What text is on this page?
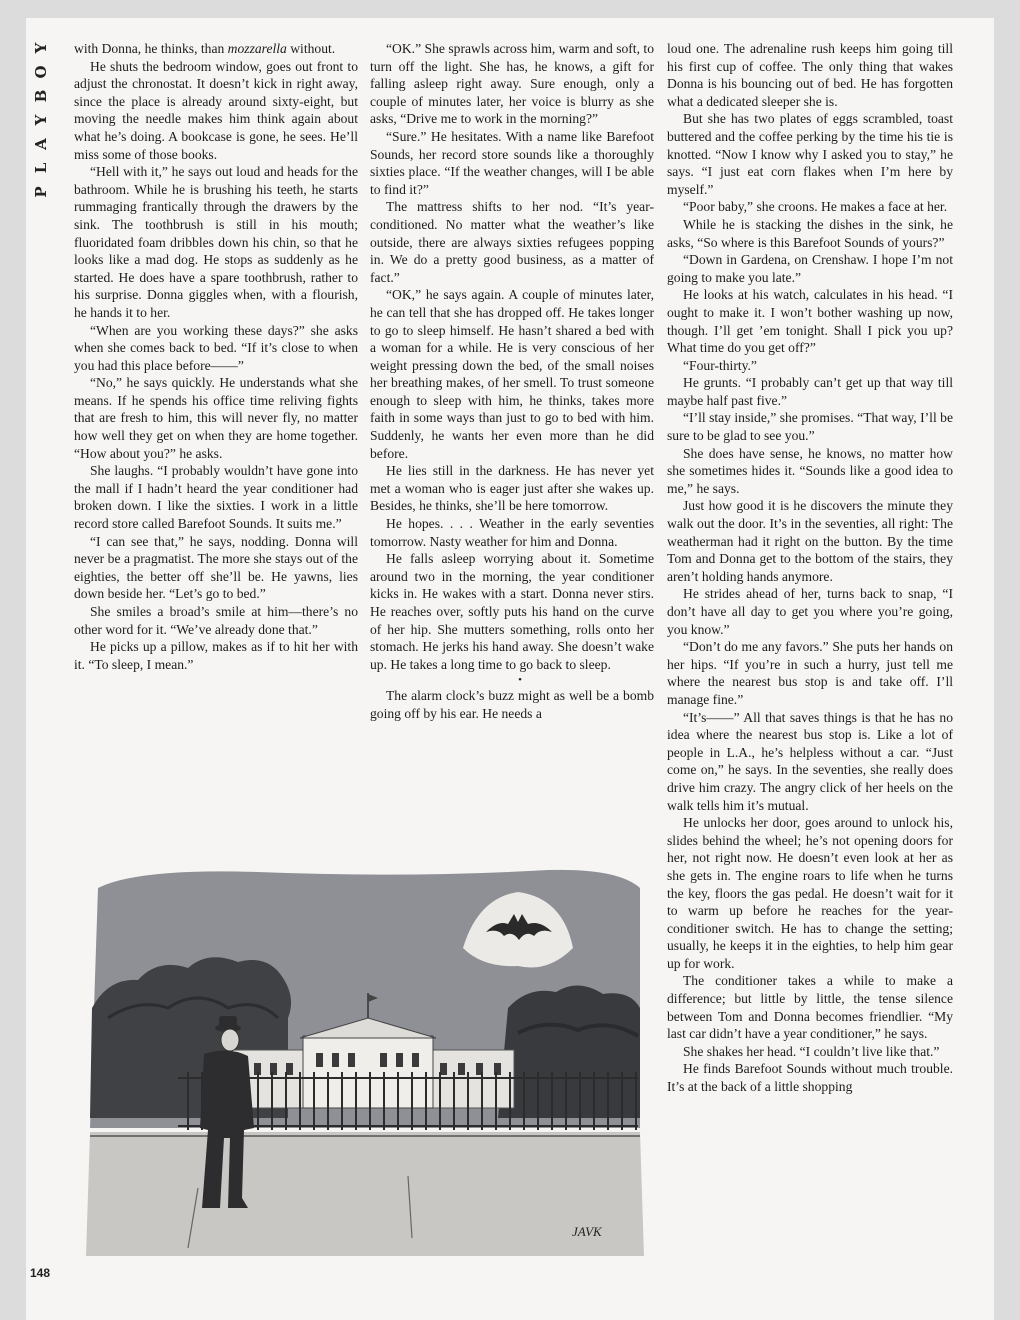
Y
O
B
Y
A
L
P

with Donna, he thinks, than mozzarella without.

He shuts the bedroom window, goes out front to adjust the chronostat. It doesn’t kick in right away, since the place is already around sixty-eight, but moving the needle makes him think again about what he’s doing. A bookcase is gone, he sees. He’ll miss some of those books.

“Hell with it,” he says out loud and heads for the bathroom. While he is brushing his teeth, he starts rummaging frantically through the drawers by the sink. The toothbrush is still in his mouth; fluoridated foam dribbles down his chin, so that he looks like a mad dog. He stops as suddenly as he started. He does have a spare toothbrush, rather to his surprise. Donna giggles when, with a flourish, he hands it to her.

“When are you working these days?” she asks when she comes back to bed. “If it’s close to when you had this place before——”

“No,” he says quickly. He understands what she means. If he spends his office time reliving fights that are fresh to him, this will never fly, no matter how well they get on when they are home together. “How about you?” he asks.

She laughs. “I probably wouldn’t have gone into the mall if I hadn’t heard the year conditioner had broken down. I like the sixties. I work in a little record store called Barefoot Sounds. It suits me.”

“I can see that,” he says, nodding. Donna will never be a pragmatist. The more she stays out of the eighties, the better off she’ll be. He yawns, lies down beside her. “Let’s go to bed.”

She smiles a broad’s smile at him—there’s no other word for it. “We’ve already done that.”

He picks up a pillow, makes as if to hit her with it. “To sleep, I mean.”

“OK.” She sprawls across him, warm and soft, to turn off the light. She has, he knows, a gift for falling asleep right away. Sure enough, only a couple of minutes later, her voice is blurry as she asks, “Drive me to work in the morning?”

“Sure.” He hesitates. With a name like Barefoot Sounds, her record store sounds like a thoroughly sixties place. “If the weather changes, will I be able to find it?”

The mattress shifts to her nod. “It’s year-conditioned. No matter what the weather’s like outside, there are always sixties refugees popping in. We do a pretty good business, as a matter of fact.”

“OK,” he says again. A couple of minutes later, he can tell that she has dropped off. He takes longer to go to sleep himself. He hasn’t shared a bed with a woman for a while. He is very conscious of her weight pressing down the bed, of the small noises her breathing makes, of her smell. To trust someone enough to sleep with him, he thinks, takes more faith in some ways than just to go to bed with him. Suddenly, he wants her even more than he did before.

He lies still in the darkness. He has never yet met a woman who is eager just after she wakes up. Besides, he thinks, she’ll be here tomorrow.

He hopes. . . . Weather in the early seventies tomorrow. Nasty weather for him and Donna.

He falls asleep worrying about it. Sometime around two in the morning, the year conditioner kicks in. He wakes with a start. Donna never stirs. He reaches over, softly puts his hand on the curve of her hip. She mutters something, rolls onto her stomach. He jerks his hand away. She doesn’t wake up. He takes a long time to go back to sleep.

•

The alarm clock’s buzz might as well be a bomb going off by his ear. He needs a

loud one. The adrenaline rush keeps him going till his first cup of coffee. The only thing that wakes Donna is his bouncing out of bed. He has forgotten what a dedicated sleeper she is.

But she has two plates of eggs scrambled, toast buttered and the coffee perking by the time his tie is knotted. “Now I know why I asked you to stay,” he says. “I just eat corn flakes when I’m here by myself.”

“Poor baby,” she croons. He makes a face at her.

While he is stacking the dishes in the sink, he asks, “So where is this Barefoot Sounds of yours?”

“Down in Gardena, on Crenshaw. I hope I’m not going to make you late.”

He looks at his watch, calculates in his head. “I ought to make it. I won’t bother washing up now, though. I’ll get ’em tonight. Shall I pick you up? What time do you get off?”

“Four-thirty.”

He grunts. “I probably can’t get up that way till maybe half past five.”

“I’ll stay inside,” she promises. “That way, I’ll be sure to be glad to see you.”

She does have sense, he knows, no matter how she sometimes hides it. “Sounds like a good idea to me,” he says.

Just how good it is he discovers the minute they walk out the door. It’s in the seventies, all right: The weatherman had it right on the button. By the time Tom and Donna get to the bottom of the stairs, they aren’t holding hands anymore.

He strides ahead of her, turns back to snap, “I don’t have all day to get you where you’re going, you know.”

“Don’t do me any favors.” She puts her hands on her hips. “If you’re in such a hurry, just tell me where the nearest bus stop is and take off. I’ll manage fine.”

“It’s——” All that saves things is that he has no idea where the nearest bus stop is. Like a lot of people in L.A., he’s helpless without a car. “Just come on,” he says. In the seventies, she really does drive him crazy. The angry click of her heels on the walk tells him it’s mutual.

He unlocks her door, goes around to unlock his, slides behind the wheel; he’s not opening doors for her, not right now. He doesn’t even look at her as she gets in. The engine roars to life when he turns the key, floors the gas pedal. He doesn’t wait for it to warm up before he reaches for the year-conditioner switch. He has to change the setting; usually, he keeps it in the eighties, to help him gear up for work.

The conditioner takes a while to make a difference; but little by little, the tense silence between Tom and Donna becomes friendlier. “My last car didn’t have a year conditioner,” he says.

She shakes her head. “I couldn’t live like that.”

He finds Barefoot Sounds without much trouble. It’s at the back of a little shopping

JAVK
148
